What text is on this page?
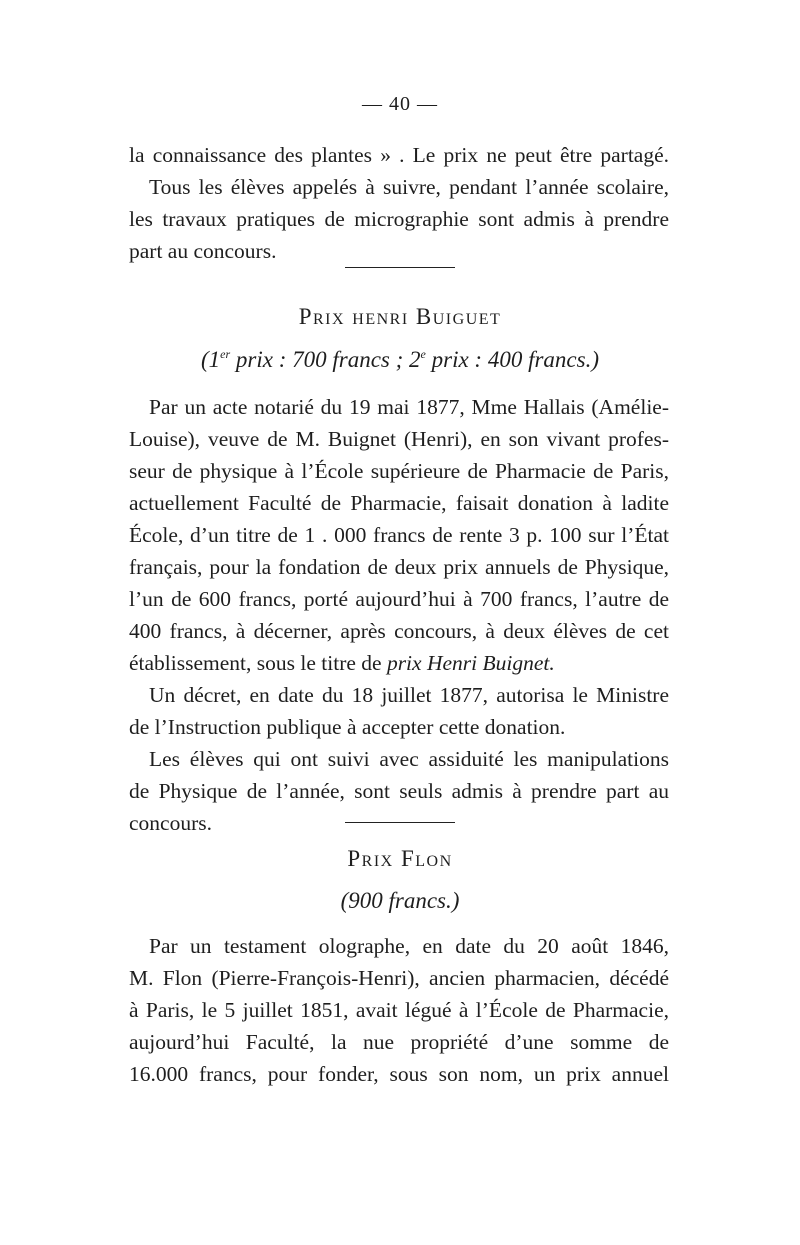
— 40 —
la connaissance des plantes » . Le prix ne peut être partagé.
Tous les élèves appelés à suivre, pendant l’année scolaire,
les travaux pratiques de micrographie sont admis à prendre
part au concours.
Prix henri Buiguet
(1er prix : 700 francs ; 2e prix : 400 francs.)
Par un acte notarié du 19 mai 1877, Mme Hallais (Amélie-
Louise), veuve de M. Buignet (Henri), en son vivant profes-
seur de physique à l’École supérieure de Pharmacie de Paris,
actuellement Faculté de Pharmacie, faisait donation à ladite
École, d’un titre de 1 . 000 francs de rente 3 p. 100 sur l’État
français, pour la fondation de deux prix annuels de Physique,
l’un de 600 francs, porté aujourd’hui à 700 francs, l’autre de
400 francs, à décerner, après concours, à deux élèves de cet
établissement, sous le titre de prix Henri Buignet.
Un décret, en date du 18 juillet 1877, autorisa le Ministre
de l’Instruction publique à accepter cette donation.
Les élèves qui ont suivi avec assiduité les manipulations
de Physique de l’année, sont seuls admis à prendre part au
concours.
Prix Flon
(900 francs.)
Par un testament olographe, en date du 20 août 1846,
M. Flon (Pierre-François-Henri), ancien pharmacien, décédé
à Paris, le 5 juillet 1851, avait légué à l’École de Pharmacie,
aujourd’hui Faculté, la nue propriété d’une somme de
16.000 francs, pour fonder, sous son nom, un prix annuel
